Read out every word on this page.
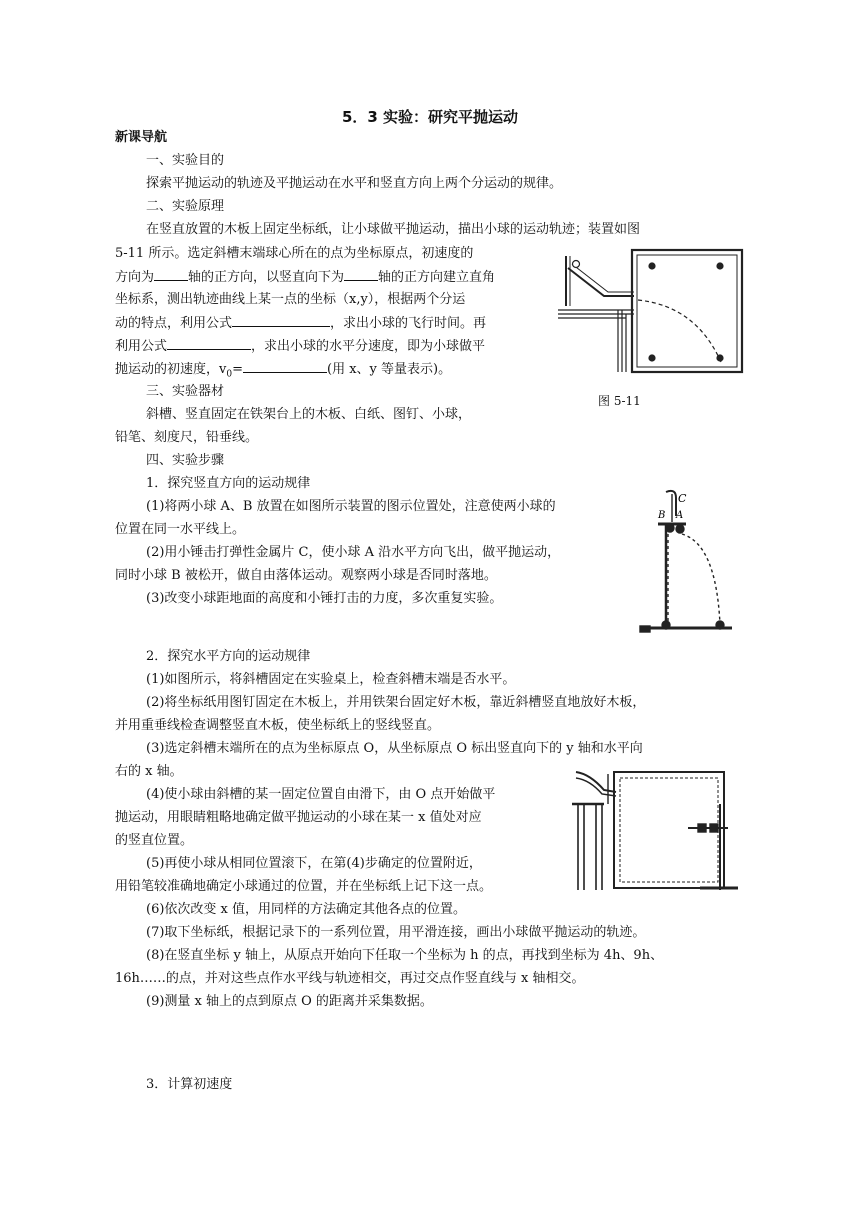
5．3 实验：研究平抛运动
新课导航
一、实验目的
探索平抛运动的轨迹及平抛运动在水平和竖直方向上两个分运动的规律。
二、实验原理
在竖直放置的木板上固定坐标纸，让小球做平抛运动，描出小球的运动轨迹；装置如图
5-11 所示。选定斜槽末端球心所在的点为坐标原点，初速度的
方向为	轴的正方向，以竖直向下为	轴的正方向建立直角
坐标系，测出轨迹曲线上某一点的坐标（x,y），根据两个分运
动的特点，利用公式	，求出小球的飞行时间。再
利用公式	，求出小球的水平分速度，即为小球做平
抛运动的初速度，$v_0=$	(用 x、y 等量表示)。
图 5-11
三、实验器材
斜槽、竖直固定在铁架台上的木板、白纸、图钉、小球，
铅笔、刻度尺，铅垂线。
四、实验步骤
1．探究竖直方向的运动规律
(1)将两小球 A、B 放置在如图所示装置的图示位置处，注意使两小球的
位置在同一水平线上。
(2)用小锤击打弹性金属片 C，使小球 A 沿水平方向飞出，做平抛运动，
同时小球 B 被松开，做自由落体运动。观察两小球是否同时落地。
(3)改变小球距地面的高度和小锤打击的力度，多次重复实验。
C
B A
2．探究水平方向的运动规律
(1)如图所示，将斜槽固定在实验桌上，检查斜槽末端是否水平。
(2)将坐标纸用图钉固定在木板上，并用铁架台固定好木板，靠近斜槽竖直地放好木板，
并用重垂线检查调整竖直木板，使坐标纸上的竖线竖直。
(3)选定斜槽末端所在的点为坐标原点 O，从坐标原点 O 标出竖直向下的 y 轴和水平向
右的 x 轴。
(4)使小球由斜槽的某一固定位置自由滑下，由 O 点开始做平
抛运动，用眼睛粗略地确定做平抛运动的小球在某一 x 值处对应
的竖直位置。
(5)再使小球从相同位置滚下，在第(4)步确定的位置附近，
用铅笔较准确地确定小球通过的位置，并在坐标纸上记下这一点。
(6)依次改变 x 值，用同样的方法确定其他各点的位置。
(7)取下坐标纸，根据记录下的一系列位置，用平滑连接，画出小球做平抛运动的轨迹。
(8)在竖直坐标 y 轴上，从原点开始向下任取一个坐标为 h 的点，再找到坐标为 4h、9h、
16h……的点，并对这些点作水平线与轨迹相交，再过交点作竖直线与 x 轴相交。
(9)测量 x 轴上的点到原点 O 的距离并采集数据。
3．计算初速度
